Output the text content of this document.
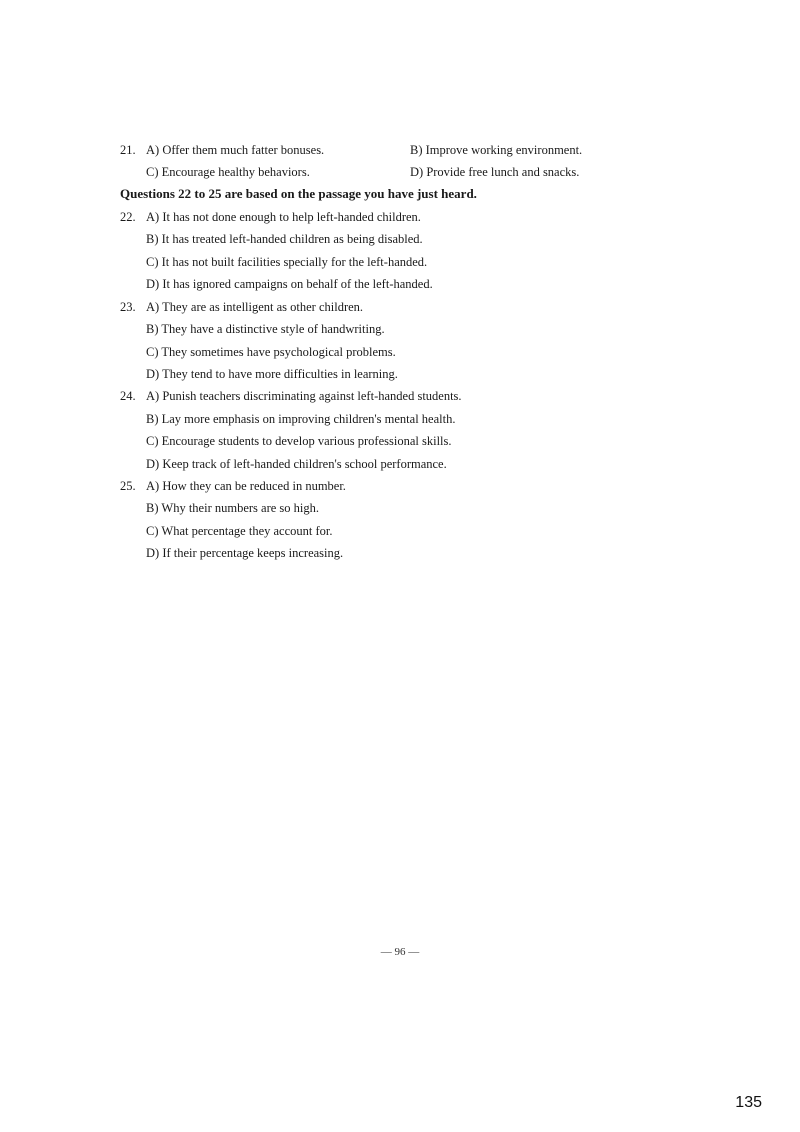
21. A) Offer them much fatter bonuses.	B) Improve working environment.
C) Encourage healthy behaviors.	D) Provide free lunch and snacks.
Questions 22 to 25 are based on the passage you have just heard.
22. A) It has not done enough to help left-handed children.
B) It has treated left-handed children as being disabled.
C) It has not built facilities specially for the left-handed.
D) It has ignored campaigns on behalf of the left-handed.
23. A) They are as intelligent as other children.
B) They have a distinctive style of handwriting.
C) They sometimes have psychological problems.
D) They tend to have more difficulties in learning.
24. A) Punish teachers discriminating against left-handed students.
B) Lay more emphasis on improving children's mental health.
C) Encourage students to develop various professional skills.
D) Keep track of left-handed children's school performance.
25. A) How they can be reduced in number.
B) Why their numbers are so high.
C) What percentage they account for.
D) If their percentage keeps increasing.
— 96 —
135
